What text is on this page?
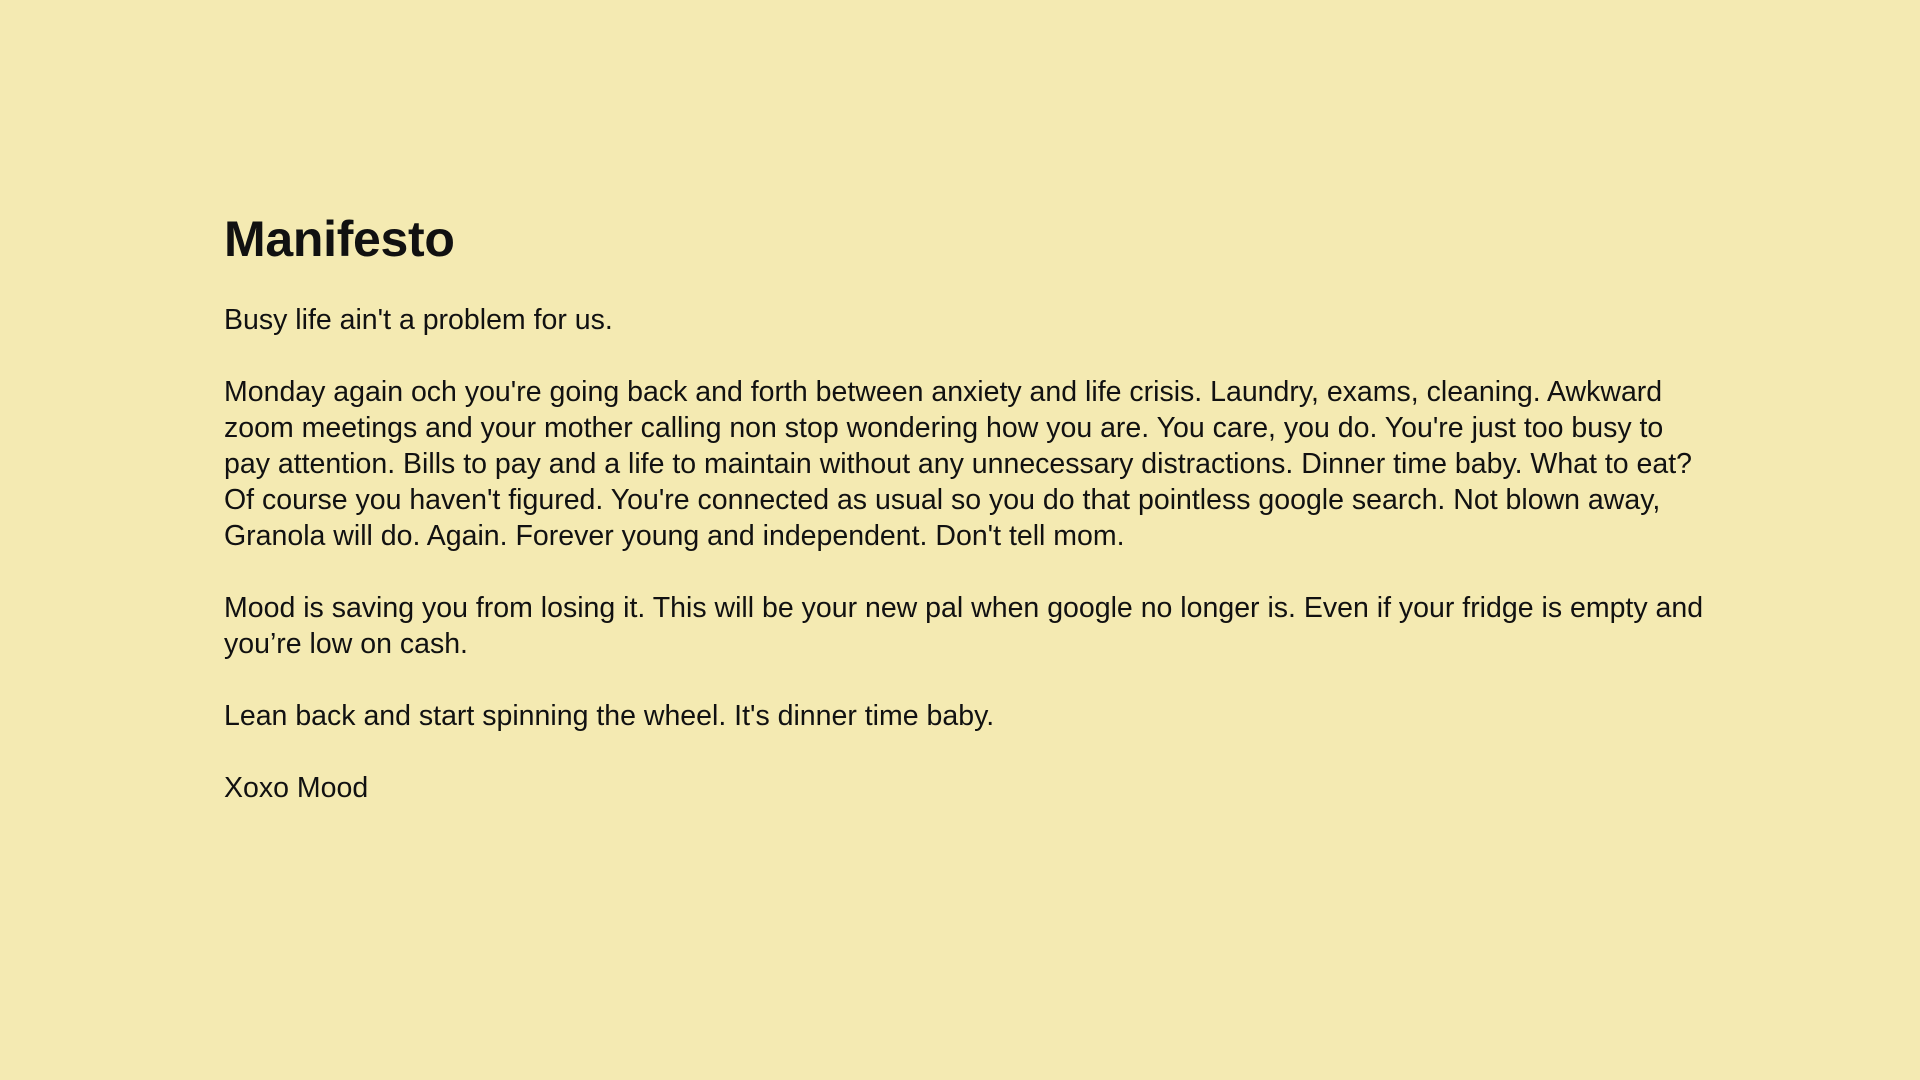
Manifesto

Busy life ain't a problem for us.

Monday again och you're going back and forth between anxiety and life crisis. Laundry, exams, cleaning. Awkward zoom meetings and your mother calling non stop wondering how you are. You care, you do. You're just too busy to pay attention. Bills to pay and a life to maintain without any unnecessary distractions. Dinner time baby. What to eat? Of course you haven't figured. You're connected as usual so you do that pointless google search. Not blown away, Granola will do. Again. Forever young and independent. Don't tell mom.

Mood is saving you from losing it. This will be your new pal when google no longer is. Even if your fridge is empty and you’re low on cash.

Lean back and start spinning the wheel. It's dinner time baby.

Xoxo Mood
